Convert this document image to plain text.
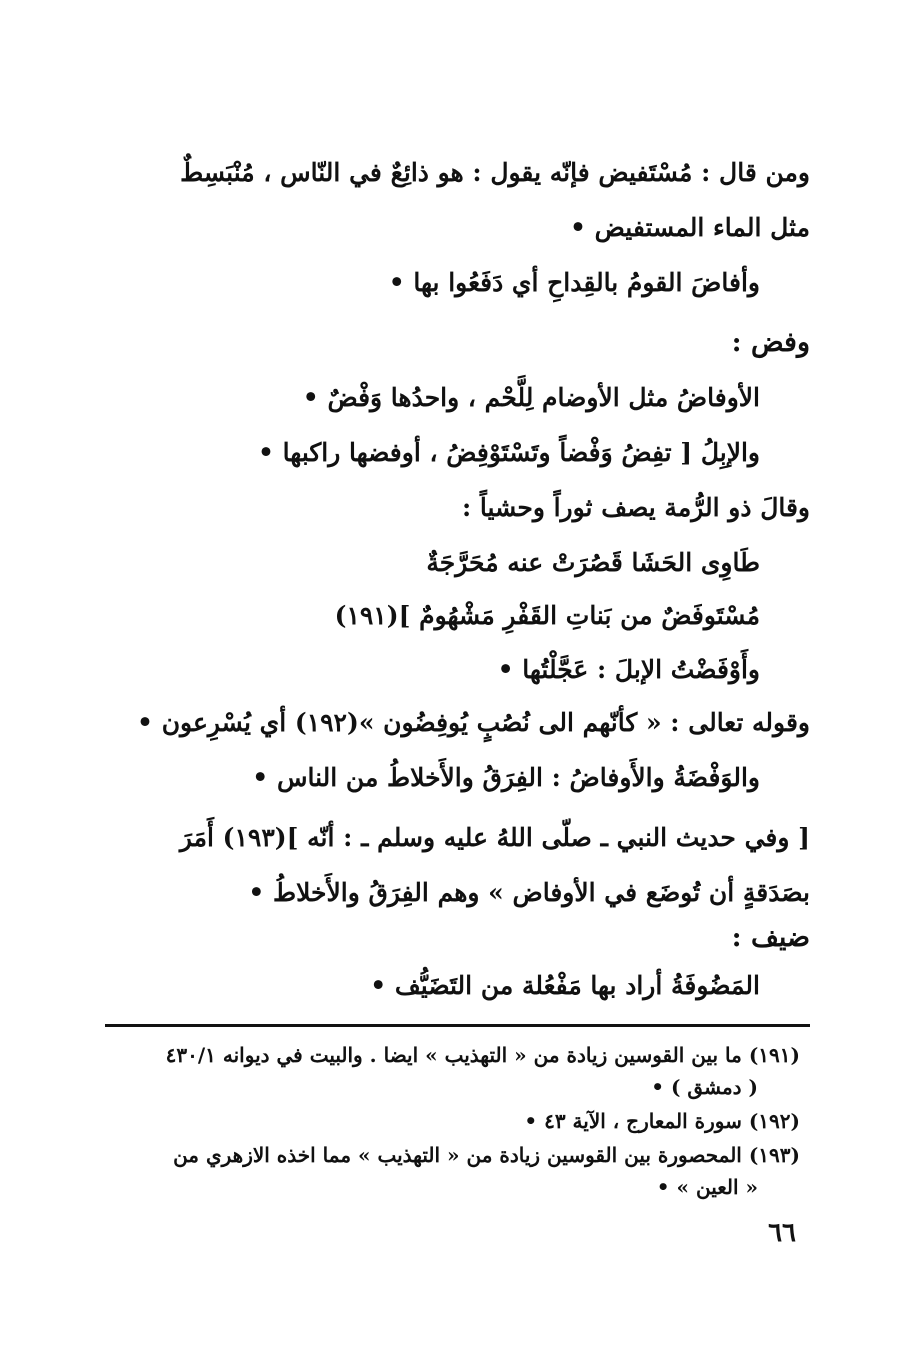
ومن قال : مُسْتَفيض فإنّه يقول : هو ذائِعٌ في النّاس ، مُنْبَسِطٌ
مثل الماء المستفيض •
وأفاضَ القومُ بالقِداحِ أي دَفَعُوا بها •
وفض :
الأوفاضُ مثل الأوضام لِلَّحْم ، واحدُها وَفْضٌ •
والإبِلُ [ تفِضُ وَفْضاً وتَسْتَوْفِضُ ، أوفضها راكبها •
وقالَ ذو الرُّمة يصف ثوراً وحشياً :
طَاوِى الحَشَا قَصُرَتْ عنه مُحَرَّجَةٌ
مُسْتَوفَضٌ من بَناتِ القَفْرِ مَشْهُومٌ ](١٩١)
وأَوْفَضْتُ الإبلَ : عَجَّلْتُها •
وقوله تعالى : « كأنّهم الى نُصُبٍ يُوفِضُون »(١٩٢) أي يُسْرِعون •
والوَفْضَةُ والأَوفاضُ : الفِرَقُ والأَخلاطُ من الناس •
[ وفي حديث النبي ـ صلّى اللهُ عليه وسلم ـ : أنّه ](١٩٣) أَمَرَ
بصَدَقةٍ أن تُوضَع في الأوفاض » وهم الفِرَقُ والأَخلاطُ •
ضيف :
المَضُوفَةُ أراد بها مَفْعُلة من التَضَيُّف •
(١٩١) ما بين القوسين زيادة من « التهذيب » ايضا . والبيت في ديوانه ٤٣٠/١
( دمشق ) •
(١٩٢) سورة المعارج ، الآية ٤٣ •
(١٩٣) المحصورة بين القوسين زيادة من « التهذيب » مما اخذه الازهري من
« العين » •
٦٦
